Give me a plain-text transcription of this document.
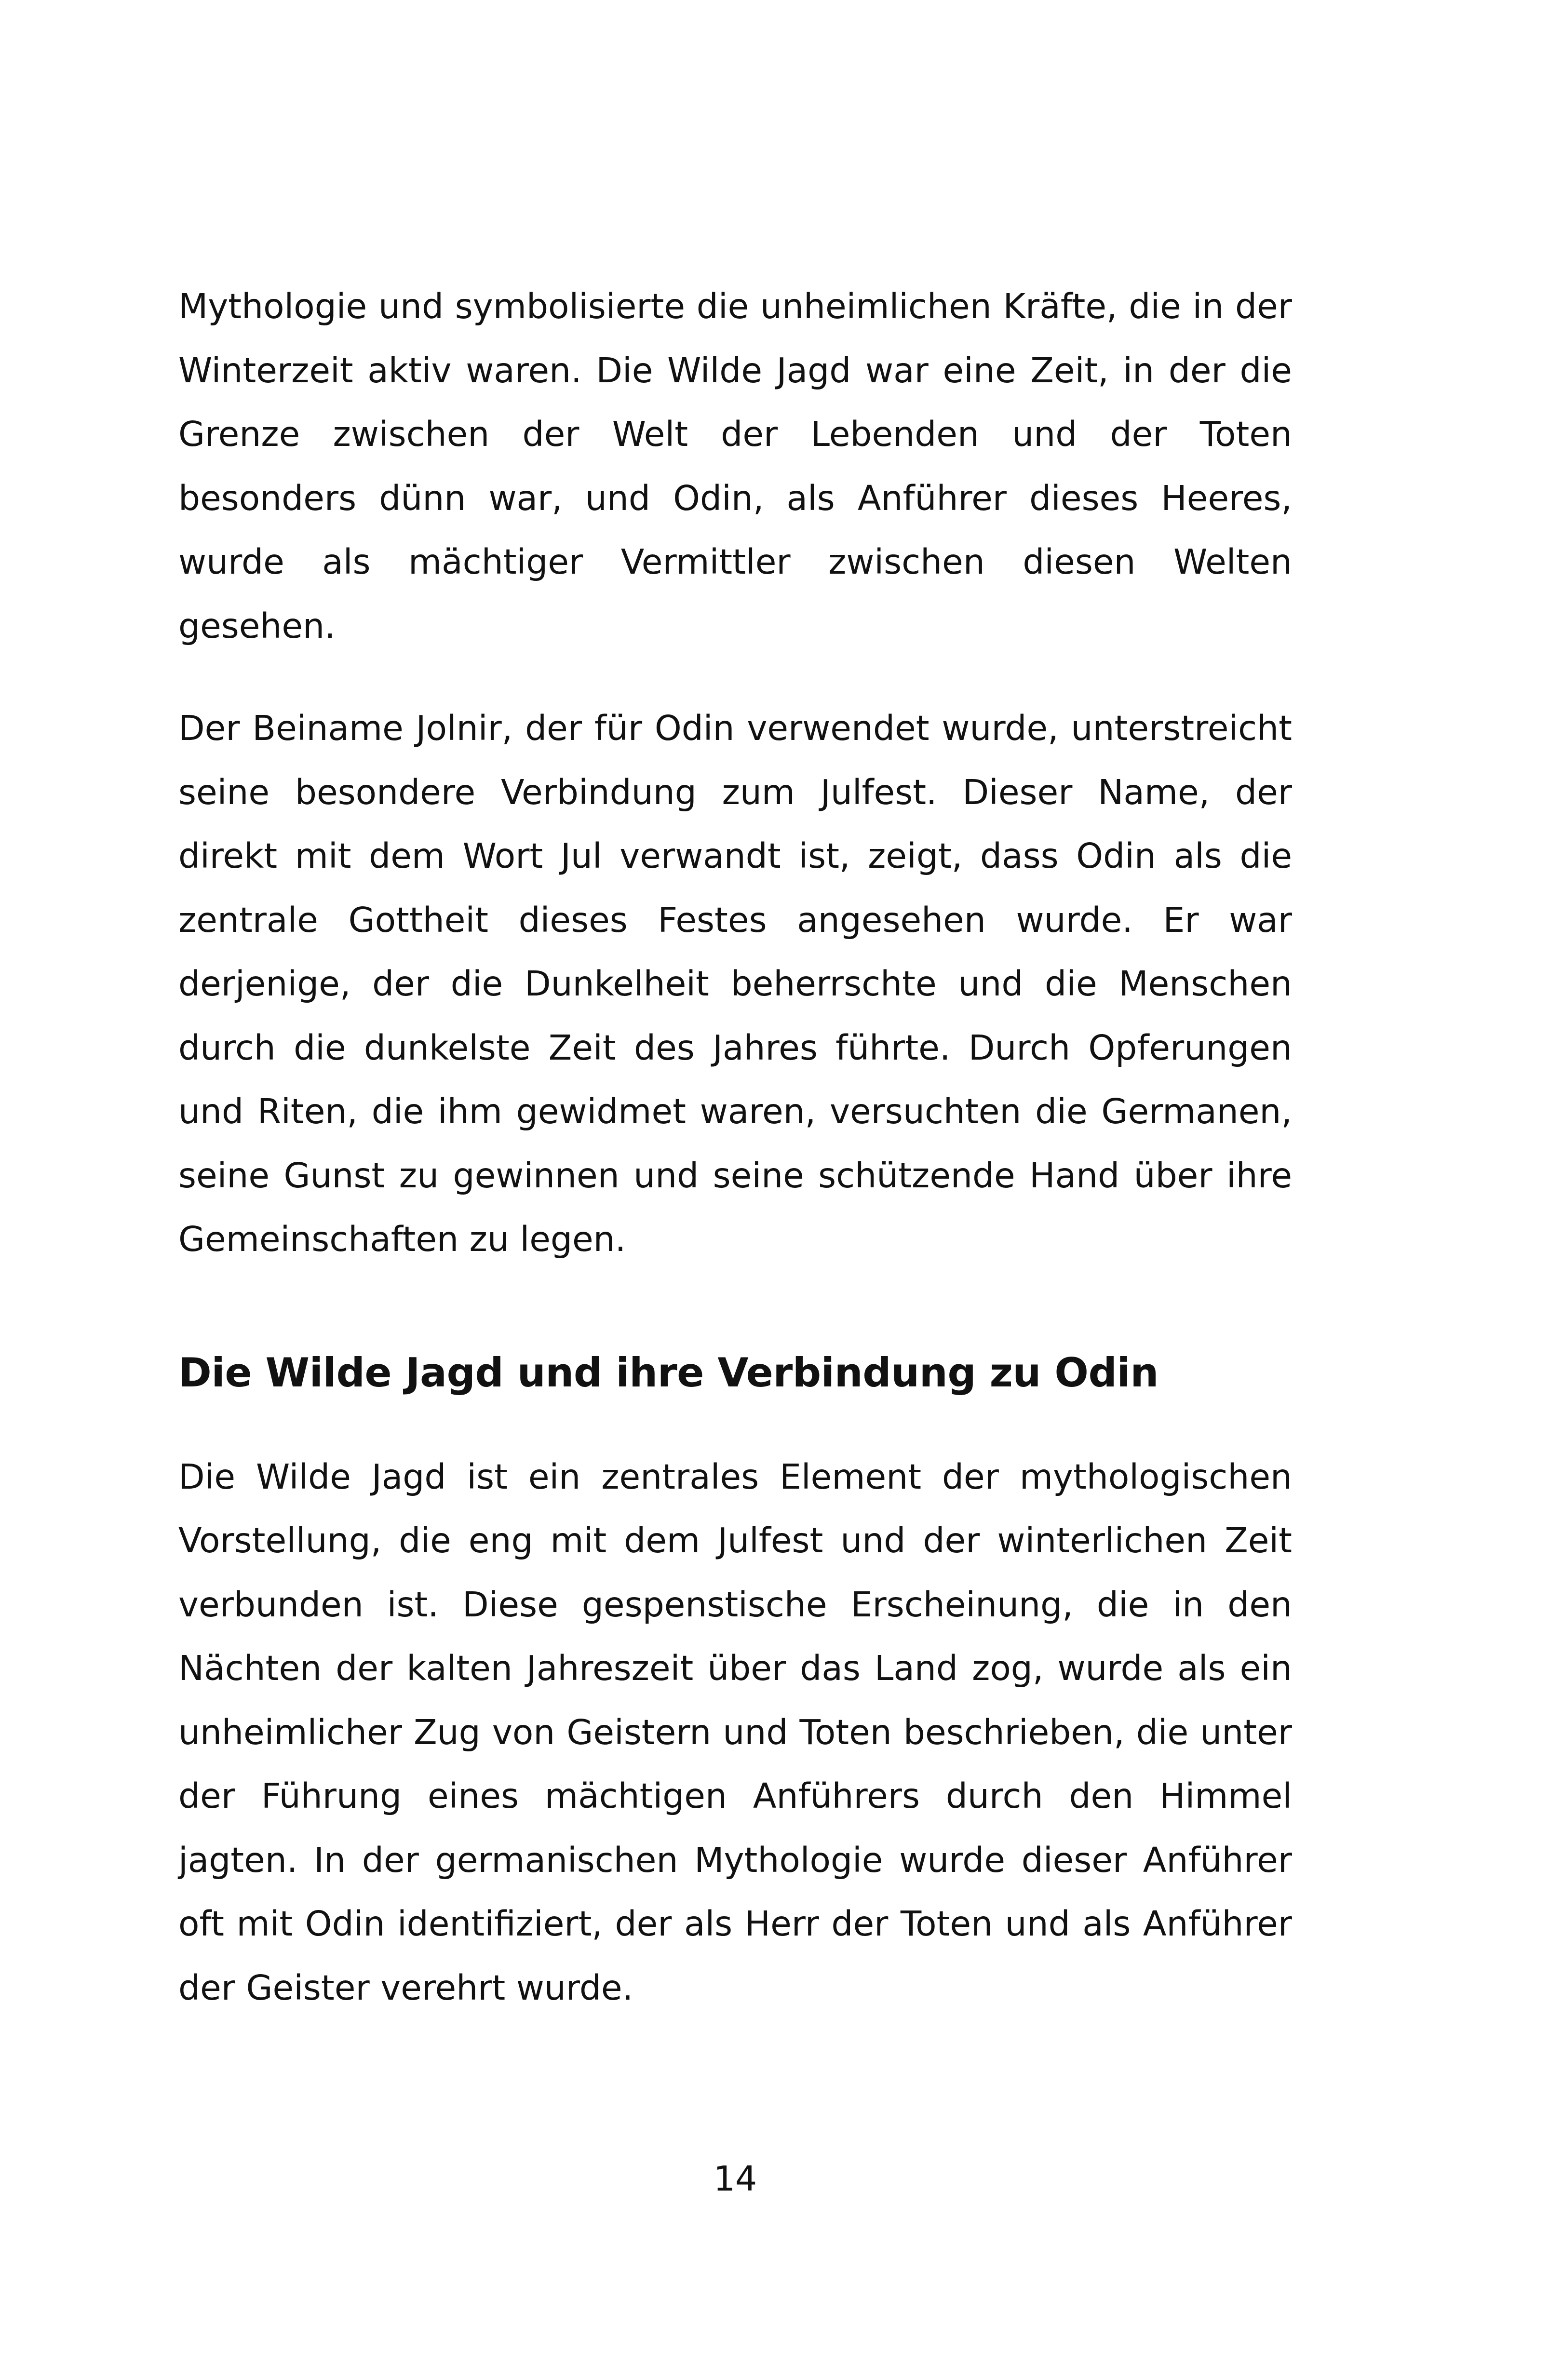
Mythologie und symbolisierte die unheimlichen Kräfte, die in der Winterzeit aktiv waren. Die Wilde Jagd war eine Zeit, in der die Grenze zwischen der Welt der Lebenden und der Toten besonders dünn war, und Odin, als Anführer dieses Heeres, wurde als mächtiger Vermittler zwischen diesen Welten gesehen.

Der Beiname Jolnir, der für Odin verwendet wurde, unterstreicht seine besondere Verbindung zum Julfest. Dieser Name, der direkt mit dem Wort Jul verwandt ist, zeigt, dass Odin als die zentrale Gottheit dieses Festes angesehen wurde. Er war derjenige, der die Dunkelheit beherrschte und die Menschen durch die dunkelste Zeit des Jahres führte. Durch Opferungen und Riten, die ihm gewidmet waren, versuchten die Germanen, seine Gunst zu gewinnen und seine schützende Hand über ihre Gemeinschaften zu legen.

Die Wilde Jagd und ihre Verbindung zu Odin

Die Wilde Jagd ist ein zentrales Element der mythologischen Vorstellung, die eng mit dem Julfest und der winterlichen Zeit verbunden ist. Diese gespenstische Erscheinung, die in den Nächten der kalten Jahreszeit über das Land zog, wurde als ein unheimlicher Zug von Geistern und Toten beschrieben, die unter der Führung eines mächtigen Anführers durch den Himmel jagten. In der germanischen Mythologie wurde dieser Anführer oft mit Odin identifiziert, der als Herr der Toten und als Anführer der Geister verehrt wurde.

14
